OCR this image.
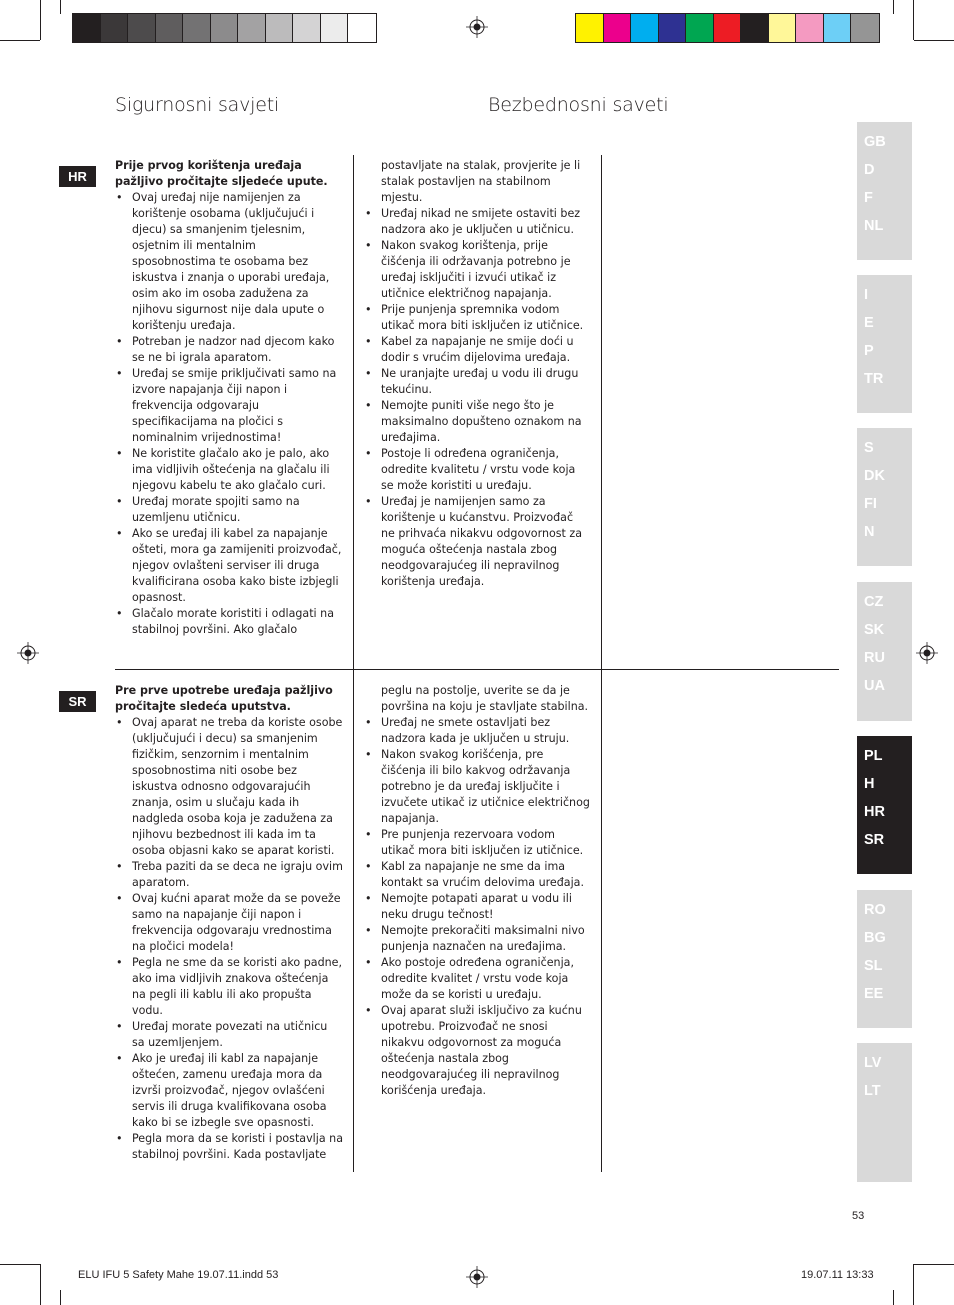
Sigurnosni savjeti	Bezbednosni saveti
HR

Prije prvog korištenja uređaja pažljivo pročitajte sljedeće upute.

• Ovaj uređaj nije namijenjen za korištenje osobama (uključujući i djecu) sa smanjenim tjelesnim, osjetnim ili mentalnim sposobnostima te osobama bez iskustva i znanja o uporabi uređaja, osim ako im osoba zadužena za njihovu sigurnost nije dala upute o korištenju uređaja.
• Potreban je nadzor nad djecom kako se ne bi igrala aparatom.
• Uređaj se smije priključivati samo na izvore napajanja čiji napon i frekvencija odgovaraju specifikacijama na pločici s nominalnim vrijednostima!
• Ne koristite glačalo ako je palo, ako ima vidljivih oštećenja na glačalu ili njegovu kabelu te ako glačalo curi.
• Uređaj morate spojiti samo na uzemljenu utičnicu.
• Ako se uređaj ili kabel za napajanje ošteti, mora ga zamijeniti proizvođač, njegov ovlašteni serviser ili druga kvalificirana osoba kako biste izbjegli opasnost.
• Glačalo morate koristiti i odlagati na stabilnoj površini. Ako glačalo

postavljate na stalak, provjerite je li stalak postavljen na stabilnom mjestu.

• Uređaj nikad ne smijete ostaviti bez nadzora ako je uključen u utičnicu.
• Nakon svakog korištenja, prije čišćenja ili održavanja potrebno je uređaj isključiti i izvući utikač iz utičnice električnog napajanja.
• Prije punjenja spremnika vodom utikač mora biti isključen iz utičnice.
• Kabel za napajanje ne smije doći u dodir s vrućim dijelovima uređaja.
• Ne uranjajte uređaj u vodu ili drugu tekućinu.
• Nemojte puniti više nego što je maksimalno dopušteno oznakom na uređajima.
• Postoje li određena ograničenja, odredite kvalitetu / vrstu vode koja se može koristiti u uređaju.
• Uređaj je namijenjen samo za korištenje u kućanstvu. Proizvođač ne prihvaća nikakvu odgovornost za moguća oštećenja nastala zbog neodgovarajućeg ili nepravilnog korištenja uređaja.
SR

Pre prve upotrebe uređaja pažljivo pročitajte sledeća uputstva.

• Ovaj aparat ne treba da koriste osobe (uključujući i decu) sa smanjenim fizičkim, senzornim i mentalnim sposobnostima niti osobe bez iskustva odnosno odgovarajućih znanja, osim u slučaju kada ih nadgleda osoba koja je zadužena za njihovu bezbednost ili kada im ta osoba objasni kako se aparat koristi.
• Treba paziti da se deca ne igraju ovim aparatom.
• Ovaj kućni aparat može da se poveže samo na napajanje čiji napon i frekvencija odgovaraju vrednostima na pločici modela!
• Pegla ne sme da se koristi ako padne, ako ima vidljivih znakova oštećenja na pegli ili kablu ili ako propušta vodu.
• Uređaj morate povezati na utičnicu sa uzemljenjem.
• Ako je uređaj ili kabl za napajanje oštećen, zamenu uređaja mora da izvrši proizvođač, njegov ovlašćeni servis ili druga kvalifikovana osoba kako bi se izbegle sve opasnosti.
• Pegla mora da se koristi i postavlja na stabilnoj površini. Kada postavljate

peglu na postolje, uverite se da je površina na koju je stavljate stabilna.

• Uređaj ne smete ostavljati bez nadzora kada je uključen u struju.
• Nakon svakog korišćenja, pre čišćenja ili bilo kakvog održavanja potrebno je da uređaj isključite i izvučete utikač iz utičnice električnog napajanja.
• Pre punjenja rezervoara vodom utikač mora biti isključen iz utičnice.
• Kabl za napajanje ne sme da ima kontakt sa vrućim delovima uređaja.
• Nemojte potapati aparat u vodu ili neku drugu tečnost!
• Nemojte prekoračiti maksimalni nivo punjenja naznačen na uređajima.
• Ako postoje određena ograničenja, odredite kvalitet / vrstu vode koja može da se koristi u uređaju.
• Ovaj aparat služi isključivo za kućnu upotrebu. Proizvođač ne snosi nikakvu odgovornost za moguća oštećenja nastala zbog neodgovarajućeg ili nepravilnog korišćenja uređaja.
GB
D
F
NL
I
E
P
TR
S
DK
FI
N
CZ
SK
RU
UA
PL
H
HR
SR
RO
BG
SL
EE
LV
LT
53
ELU IFU 5 Safety Mahe 19.07.11.indd 53	19.07.11 13:33
